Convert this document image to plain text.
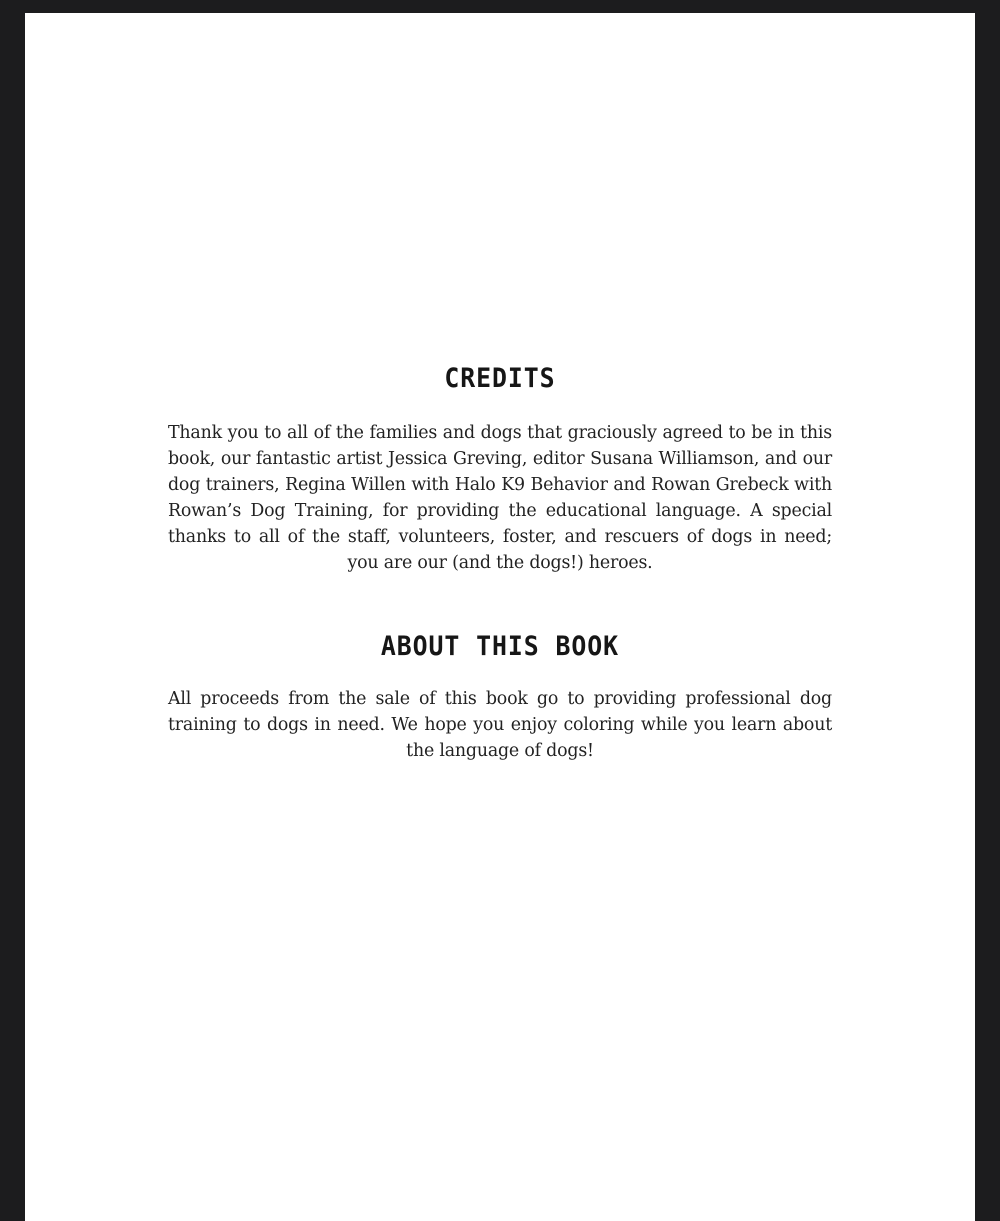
CREDITS

Thank you to all of the families and dogs that graciously agreed to be in this book, our fantastic artist Jessica Greving, editor Susana Williamson, and our dog trainers, Regina Willen with Halo K9 Behavior and Rowan Grebeck with Rowan’s Dog Training, for providing the educational language. A special thanks to all of the staff, volunteers, foster, and rescuers of dogs in need; you are our (and the dogs!) heroes.

ABOUT THIS BOOK

All proceeds from the sale of this book go to providing professional dog training to dogs in need. We hope you enjoy coloring while you learn about the language of dogs!
